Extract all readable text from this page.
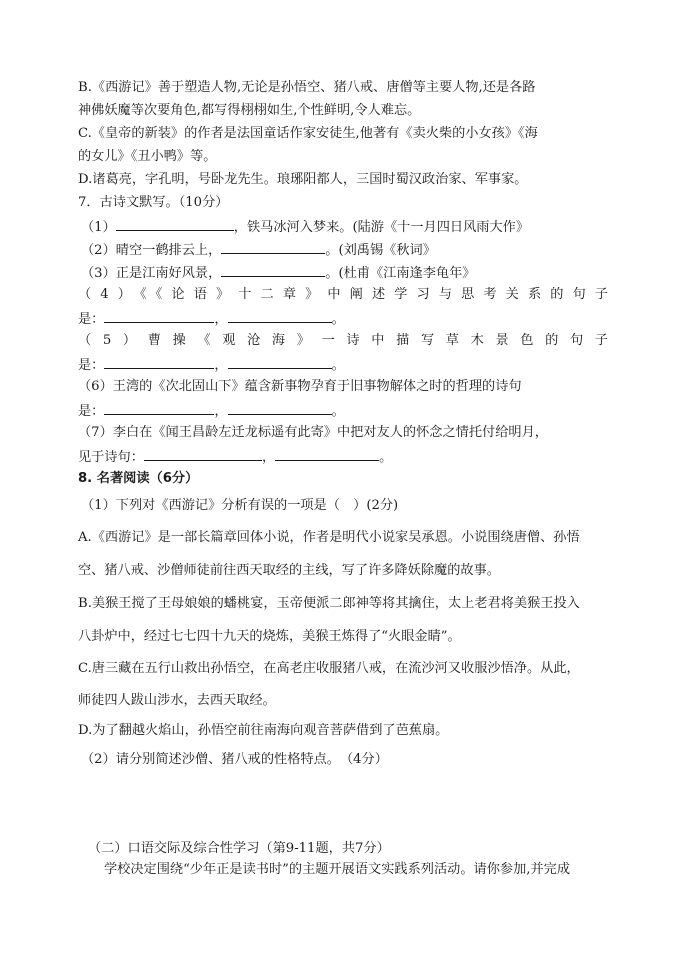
B.《西游记》善于塑造人物,无论是孙悟空、猪八戒、唐僧等主要人物,还是各路
神佛妖魔等次要角色,都写得栩栩如生,个性鲜明,令人难忘。
C.《皇帝的新装》的作者是法国童话作家安徒生,他著有《卖火柴的小女孩》《海
的女儿》《丑小鸭》等。
D.诸葛亮，字孔明，号卧龙先生。琅琊阳都人，三国时蜀汉政治家、军事家。
7．古诗文默写。（10分）
（1）	，铁马冰河入梦来。(陆游《十一月四日风雨大作》
（2）晴空一鹤排云上，	。(刘禹锡《秋词》
（3）正是江南好风景，	。(杜甫《江南逢李龟年》
（4）《《论语》十二章》中阐述学习与思考关系的句子
是：	，	。
（5）曹操《观沧海》一诗中描写草木景色的句子
是：	，	。
（6）王湾的《次北固山下》蕴含新事物孕育于旧事物解体之时的哲理的诗句
是：	，	。
（7）李白在《闻王昌龄左迁龙标遥有此寄》中把对友人的怀念之情托付给明月，
见于诗句：	，	。
8. 名著阅读（6分）
（1）下列对《西游记》分析有误的一项是（　）(2分)
A.《西游记》是一部长篇章回体小说，作者是明代小说家吴承恩。小说围绕唐僧、孙悟
空、猪八戒、沙僧师徒前往西天取经的主线，写了许多降妖除魔的故事。
B.美猴王搅了王母娘娘的蟠桃宴，玉帝便派二郎神等将其擒住，太上老君将美猴王投入
八卦炉中，经过七七四十九天的烧炼，美猴王炼得了“火眼金睛”。
C.唐三藏在五行山救出孙悟空，在高老庄收服猪八戒，在流沙河又收服沙悟净。从此，
师徒四人跋山涉水，去西天取经。
D.为了翻越火焰山，孙悟空前往南海向观音菩萨借到了芭蕉扇。
（2）请分别简述沙僧、猪八戒的性格特点。　（4分）
（二）口语交际及综合性学习（第9-11题，共7分）
学校决定围绕“少年正是读书时”的主题开展语文实践系列活动。请你参加,并完成
